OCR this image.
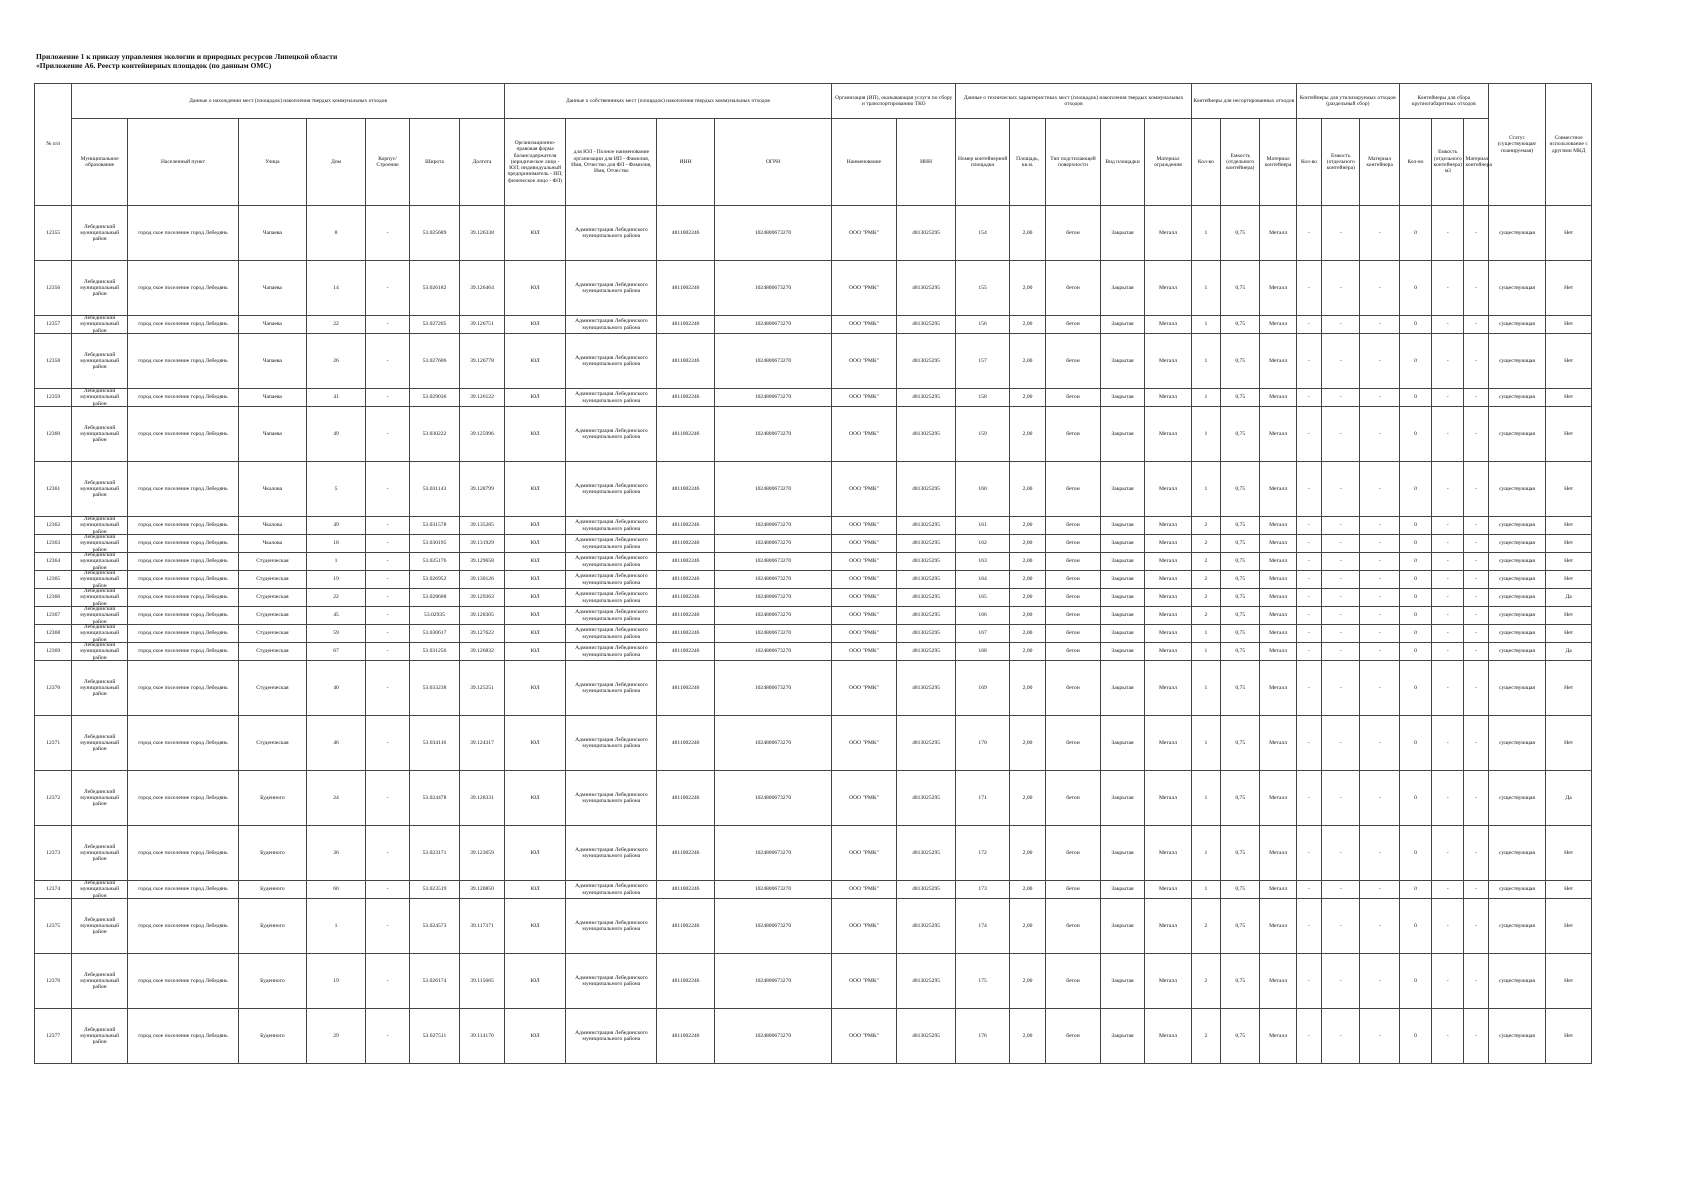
Приложение 1 к приказу управления экологии и природных ресурсов Липецкой области
«Приложение А6. Реестр контейнерных площадок (по данным ОМС)
№ п/п	Данные о нахождении мест (площадок) накопления твердых коммунальных отходов							Данные о собственниках мест (площадок) накопления твердых коммунальных отходов				Организация (ИП), оказывающая услуги по сбору и транспортированию ТКО		Данные о технических характеристиках мест (площадок) накопления твердых коммунальных отходов					Контейнеры для несортированных отходов			Контейнеры для утилизируемых отходов (раздельный сбор)			Контейнеры для сбора крупногабаритных отходов			Статус (существующая/планируемая)	Совместное использование с другими МКД
	Муниципальное образование	Населенный пункт	Улица	Дом	Корпус/Строение	Широта	Долгота	Организационно-правовая форма балансодержателя (юридическое лицо - ЮЛ; индивидуальный предприниматель - ИП; физическое лицо - ФЛ)	для ЮЛ - Полное наименование организации для ИП - Фамилия, Имя, Отчество для ФЛ - Фамилия, Имя, Отчество	ИНН	ОГРН	Наименование	ИНН	Номер контейнерной площадки	Площадь, кв.м.	Тип подстилающей поверхности	Вид площадки	Материал ограждения	Кол-во	Емкость (отдельного контейнера)	Материал контейнера	Кол-во	Емкость (отдельного контейнера)	Материал контейнера	Кол-во	Емкость (отдельного контейнера) м3	Материал контейнера		

12355	Лебединский муниципальный район	город ское поселение город Лебедянь	Чапаева	8	-	53.025689	39.126338	ЮЛ	Администрация Лебединского муниципального района	4811002246	1024800673270	ООО "РМК"	4813025295	154	2,00	бетон	Закрытая	Металл	1	0,75	Металл	-	-	-	0	-	-	существующая	Нет

12356	Лебединский муниципальный район	город ское поселение город Лебедянь	Чапаева	14	-	53.026182	39.126464	ЮЛ	Администрация Лебединского муниципального района	4811002246	1024800673270	ООО "РМК"	4813025295	155	2,00	бетон	Закрытая	Металл	1	0,75	Металл	-	-	-	0	-	-	существующая	Нет

12357	Лебединский муниципальный район	город ское поселение город Лебедянь	Чапаева	22	-	53.027205	39.126751	ЮЛ	Администрация Лебединского муниципального района	4811002246	1024800673270	ООО "РМК"	4813025295	156	2,00	бетон	Закрытая	Металл	1	0,75	Металл	-	-	-	0	-	-	существующая	Нет

12358	Лебединский муниципальный район	город ское поселение город Лебедянь	Чапаева	26	-	53.027606	39.126778	ЮЛ	Администрация Лебединского муниципального района	4811002246	1024800673270	ООО "РМК"	4813025295	157	2,00	бетон	Закрытая	Металл	1	0,75	Металл	-	-	-	0	-	-	существующая	Нет

12359	Лебединский муниципальный район	город ское поселение город Лебедянь	Чапаева	41	-	53.029036	39.126122	ЮЛ	Администрация Лебединского муниципального района	4811002246	1024800673270	ООО "РМК"	4813025295	158	2,00	бетон	Закрытая	Металл	1	0,75	Металл	-	-	-	0	-	-	существующая	Нет

12360	Лебединский муниципальный район	город ское поселение город Лебедянь	Чапаева	49	-	53.030222	39.125996	ЮЛ	Администрация Лебединского муниципального района	4811002246	1024800673270	ООО "РМК"	4813025295	159	2,00	бетон	Закрытая	Металл	1	0,75	Металл	-	-	-	0	-	-	существующая	Нет

12361	Лебединский муниципальный район	город ское поселение город Лебедянь	Чкалова	5	-	53.031143	39.128799	ЮЛ	Администрация Лебединского муниципального района	4811002246	1024800673270	ООО "РМК"	4813025295	160	2,00	бетон	Закрытая	Металл	1	0,75	Металл	-	-	-	0	-	-	существующая	Нет

12362	Лебединский муниципальный район	город ское поселение город Лебедянь	Чкалова	49	-	53.031578	39.135285	ЮЛ	Администрация Лебединского муниципального района	4811002246	1024800673270	ООО "РМК"	4813025295	161	2,00	бетон	Закрытая	Металл	2	0,75	Металл	-	-	-	0	-	-	существующая	Нет

12363	Лебединский муниципальный район	город ское поселение город Лебедянь	Чкалова	18	-	53.030195	39.131929	ЮЛ	Администрация Лебединского муниципального района	4811002246	1024800673270	ООО "РМК"	4813025295	162	2,00	бетон	Закрытая	Металл	2	0,75	Металл	-	-	-	0	-	-	существующая	Нет

12364	Лебединский муниципальный район	город ское поселение город Лебедянь	Студенческая	1	-	53.025176	39.129658	ЮЛ	Администрация Лебединского муниципального района	4811002246	1024800673270	ООО "РМК"	4813025295	163	2,00	бетон	Закрытая	Металл	2	0,75	Металл	-	-	-	0	-	-	существующая	Нет

12365	Лебединский муниципальный район	город ское поселение город Лебедянь	Студенческая	19	-	53.026952	39.130126	ЮЛ	Администрация Лебединского муниципального района	4811002246	1024800673270	ООО "РМК"	4813025295	164	2,00	бетон	Закрытая	Металл	2	0,75	Металл	-	-	-	0	-	-	существующая	Нет

12366	Лебединский муниципальный район	город ское поселение город Лебедянь	Студенческая	22	-	53.028608	39.129363	ЮЛ	Администрация Лебединского муниципального района	4811002246	1024800673270	ООО "РМК"	4813025295	165	2,00	бетон	Закрытая	Металл	2	0,75	Металл	-	-	-	0	-	-	существующая	Да

12367	Лебединский муниципальный район	город ское поселение город Лебедянь	Студенческая	45	-	53.02935	39.128305	ЮЛ	Администрация Лебединского муниципального района	4811002246	1024800673270	ООО "РМК"	4813025295	166	2,00	бетон	Закрытая	Металл	2	0,75	Металл	-	-	-	0	-	-	существующая	Нет

12368	Лебединский муниципальный район	город ское поселение город Лебедянь	Студенческая	59	-	53.030617	39.127622	ЮЛ	Администрация Лебединского муниципального района	4811002246	1024800673270	ООО "РМК"	4813025295	167	2,00	бетон	Закрытая	Металл	1	0,75	Металл	-	-	-	0	-	-	существующая	Нет

12369	Лебединский муниципальный район	город ское поселение город Лебедянь	Студенческая	67	-	53.031256	39.126832	ЮЛ	Администрация Лебединского муниципального района	4811002246	1024800673270	ООО "РМК"	4813025295	168	2,00	бетон	Закрытая	Металл	1	0,75	Металл	-	-	-	0	-	-	существующая	Да

12370	Лебединский муниципальный район	город ское поселение город Лебедянь	Студенческая	40	-	53.033238	39.125251	ЮЛ	Администрация Лебединского муниципального района	4811002246	1024800673270	ООО "РМК"	4813025295	169	2,00	бетон	Закрытая	Металл	1	0,75	Металл	-	-	-	0	-	-	существующая	Нет

12371	Лебединский муниципальный район	город ское поселение город Лебедянь	Студенческая	46	-	53.034116	39.124317	ЮЛ	Администрация Лебединского муниципального района	4811002246	1024800673270	ООО "РМК"	4813025295	170	2,00	бетон	Закрытая	Металл	1	0,75	Металл	-	-	-	0	-	-	существующая	Нет

12372	Лебединский муниципальный район	город ское поселение город Лебедянь	Буденного	24	-	53.024478	39.128331	ЮЛ	Администрация Лебединского муниципального района	4811002246	1024800673270	ООО "РМК"	4813025295	171	2,00	бетон	Закрытая	Металл	1	0,75	Металл	-	-	-	0	-	-	существующая	Да

12373	Лебединский муниципальный район	город ское поселение город Лебедянь	Буденного	36	-	53.023171	39.123659	ЮЛ	Администрация Лебединского муниципального района	4811002246	1024800673270	ООО "РМК"	4813025295	172	2,00	бетон	Закрытая	Металл	1	0,75	Металл	-	-	-	0	-	-	существующая	Нет

12374	Лебединский муниципальный район	город ское поселение город Лебедянь	Буденного	60	-	53.023519	39.120850	ЮЛ	Администрация Лебединского муниципального района	4811002246	1024800673270	ООО "РМК"	4813025295	173	2,00	бетон	Закрытая	Металл	1	0,75	Металл	-	-	-	0	-	-	существующая	Нет

12375	Лебединский муниципальный район	город ское поселение город Лебедянь	Буденного	1	-	53.024573	39.117371	ЮЛ	Администрация Лебединского муниципального района	4811002246	1024800673270	ООО "РМК"	4813025295	174	2,00	бетон	Закрытая	Металл	2	0,75	Металл	-	-	-	0	-	-	существующая	Нет

12376	Лебединский муниципальный район	город ское поселение город Лебедянь	Буденного	19	-	53.026174	39.115665	ЮЛ	Администрация Лебединского муниципального района	4811002246	1024800673270	ООО "РМК"	4813025295	175	2,00	бетон	Закрытая	Металл	2	0,75	Металл	-	-	-	0	-	-	существующая	Нет

12377	Лебединский муниципальный район	город ское поселение город Лебедянь	Буденного	29	-	53.027511	39.114170	ЮЛ	Администрация Лебединского муниципального района	4811002246	1024800673270	ООО "РМК"	4813025295	176	2,00	бетон	Закрытая	Металл	2	0,75	Металл	-	-	-	0	-	-	существующая	Нет
